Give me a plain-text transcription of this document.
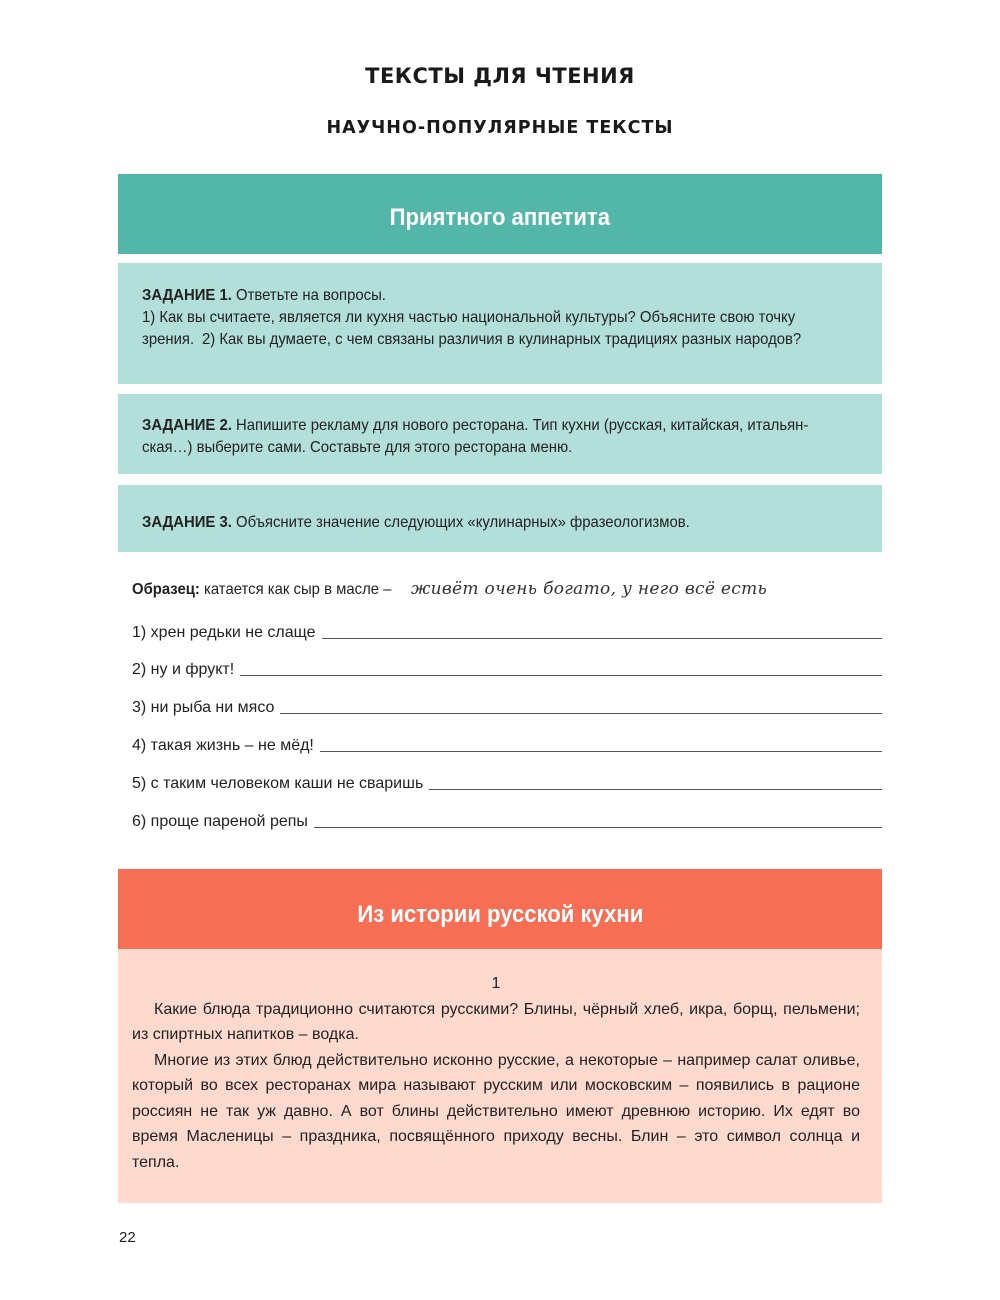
ТЕКСТЫ ДЛЯ ЧТЕНИЯ
НАУЧНО-ПОПУЛЯРНЫЕ ТЕКСТЫ
Приятного аппетита
ЗАДАНИЕ 1. Ответьте на вопросы. 1) Как вы считаете, является ли кухня частью национальной культуры? Объясните свою точку зрения. 2) Как вы думаете, с чем связаны различия в кулинарных традициях разных народов?
ЗАДАНИЕ 2. Напишите рекламу для нового ресторана. Тип кухни (русская, китайская, итальян- ская…) выберите сами. Составьте для этого ресторана меню.
ЗАДАНИЕ 3. Объясните значение следующих «кулинарных» фразеологизмов.
Образец: катается как сыр в масле –живёт очень богато, у него всё есть
1) хрен редьки не слаще
2) ну и фрукт!
3) ни рыба ни мясо
4) такая жизнь – не мёд!
5) с таким человеком каши не сваришь
6) проще пареной репы
Из истории русской кухни
1

Какие блюда традиционно считаются русскими? Блины, чёрный хлеб, икра, борщ, пельмени; из спиртных напитков – водка.

Многие из этих блюд действительно исконно русские, а некоторые – например салат оливье, который во всех ресторанах мира называют русским или московским – появились в рационе россиян не так уж давно. А вот блины действительно имеют древнюю историю. Их едят во время Масленицы – праздника, посвящённого приходу весны. Блин – это символ солнца и тепла.

22
